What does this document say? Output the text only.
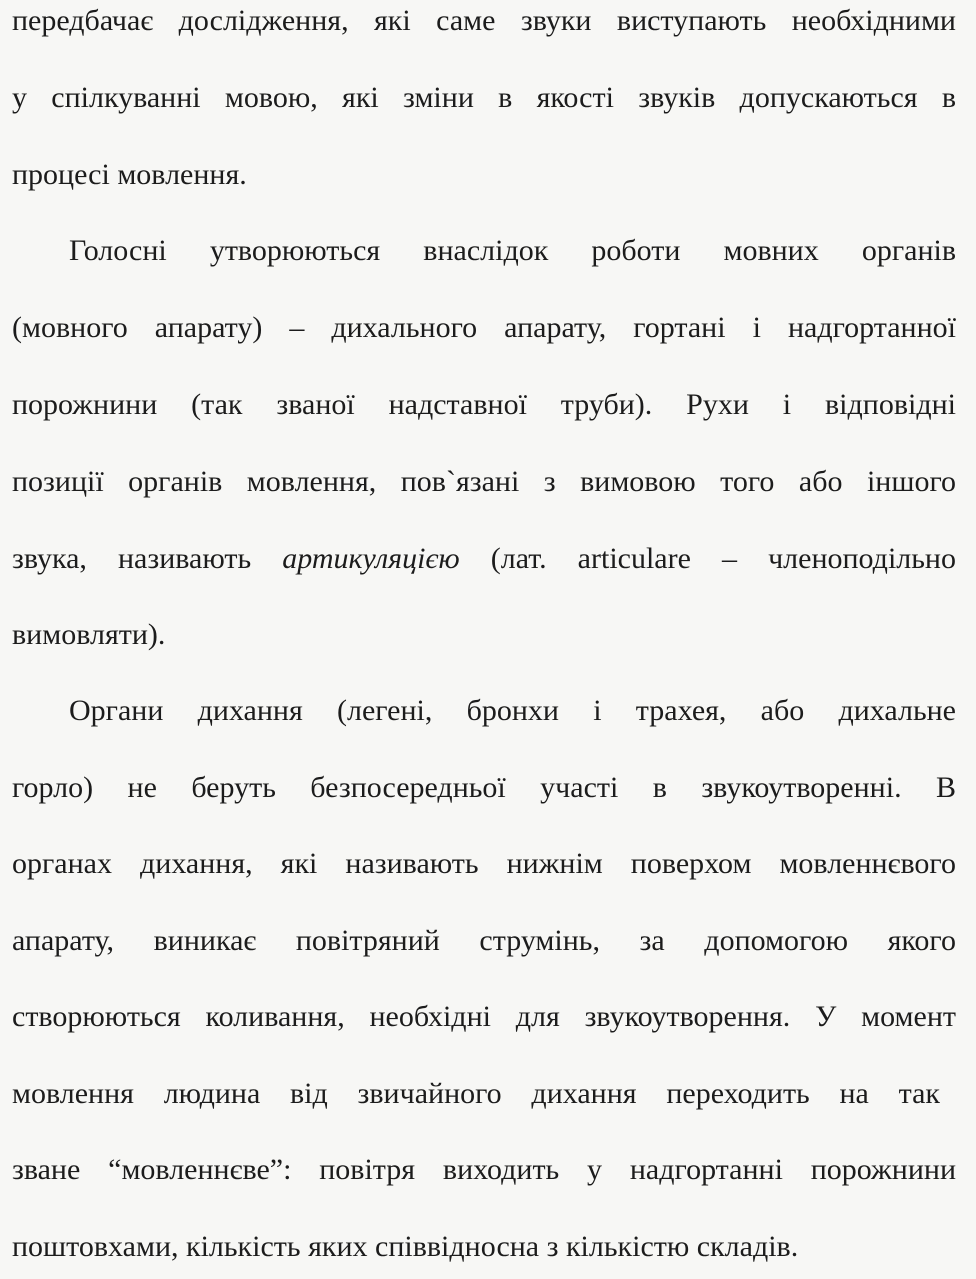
передбачає дослідження, які саме звуки виступають необхідними
у спілкуванні мовою, які зміни в якості звуків допускаються в
процесі мовлення.
Голосні утворюються внаслідок роботи мовних органів
(мовного апарату) – дихального апарату, гортані і надгортанної
порожнини (так званої надставної труби). Рухи і відповідні
позиції органів мовлення, пов`язані з вимовою того або іншого
звука, називають артикуляцією (лат. articulare – членоподільно
вимовляти).
Органи дихання (легені, бронхи і трахея, або дихальне
горло) не беруть безпосередньої участі в звукоутворенні. В
органах дихання, які називають нижнім поверхом мовленнєвого
апарату, виникає повітряний струмінь, за допомогою якого
створюються коливання, необхідні для звукоутворення. У момент
мовлення людина від звичайного дихання переходить на так
зване “мовленнєве”: повітря виходить у надгортанні порожнини
поштовхами, кількість яких співвідносна з кількістю складів.
